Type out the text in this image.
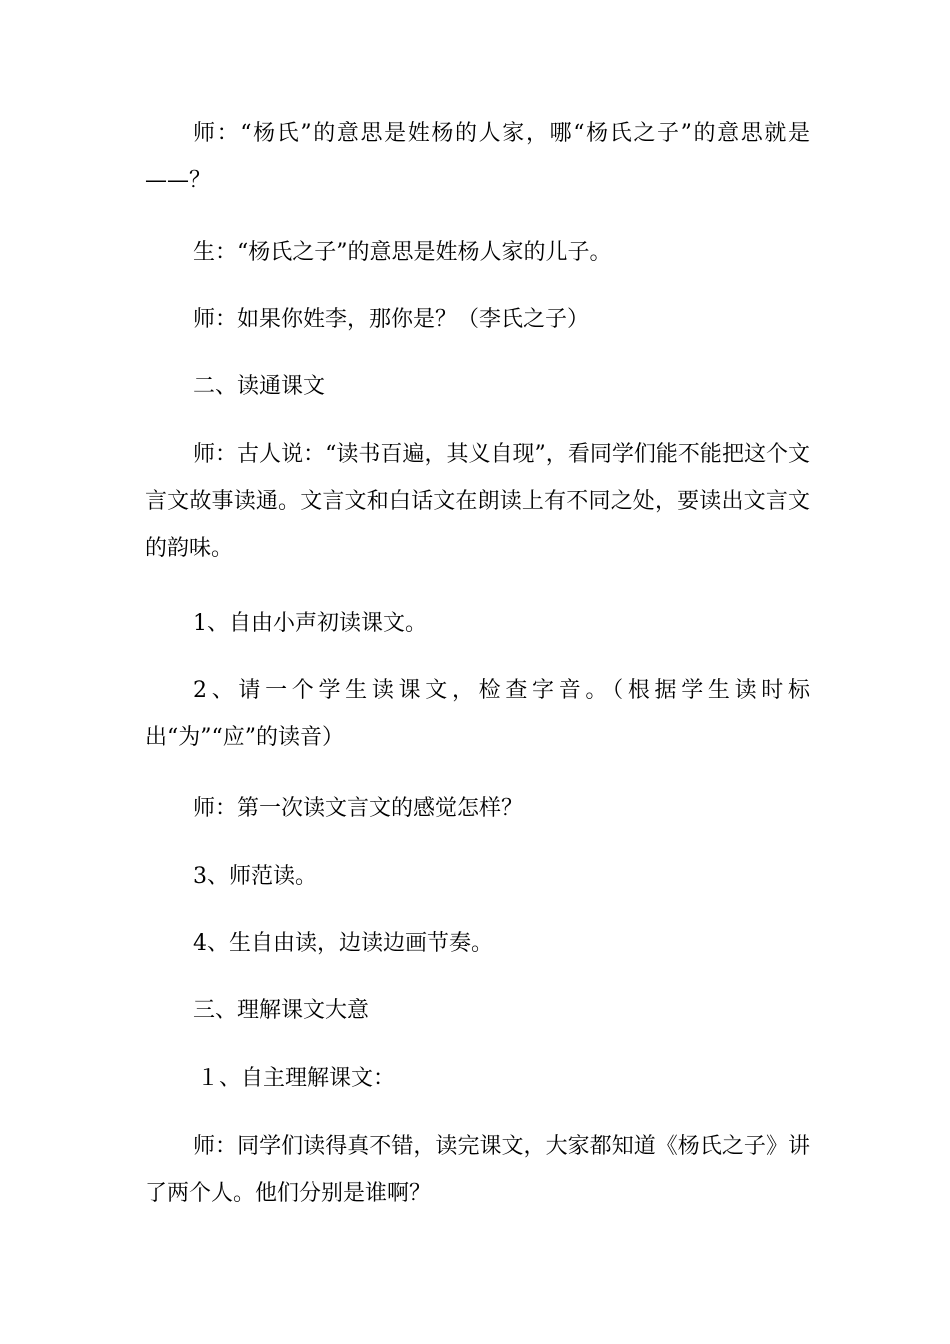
师：“杨氏”的意思是姓杨的人家，哪“杨氏之子”的意思就是——？

生：“杨氏之子”的意思是姓杨人家的儿子。

师：如果你姓李，那你是？（李氏之子）

二、读通课文

师：古人说：“读书百遍，其义自现”，看同学们能不能把这个文言文故事读通。文言文和白话文在朗读上有不同之处，要读出文言文的韵味。

1、自由小声初读课文。

2、请一个学生读课文，检查字音。（根据学生读时标出“为”“应”的读音）

师：第一次读文言文的感觉怎样？

3、师范读。

4、生自由读，边读边画节奏。

三、理解课文大意

１、自主理解课文：

师：同学们读得真不错，读完课文，大家都知道《杨氏之子》讲了两个人。他们分别是谁啊？
